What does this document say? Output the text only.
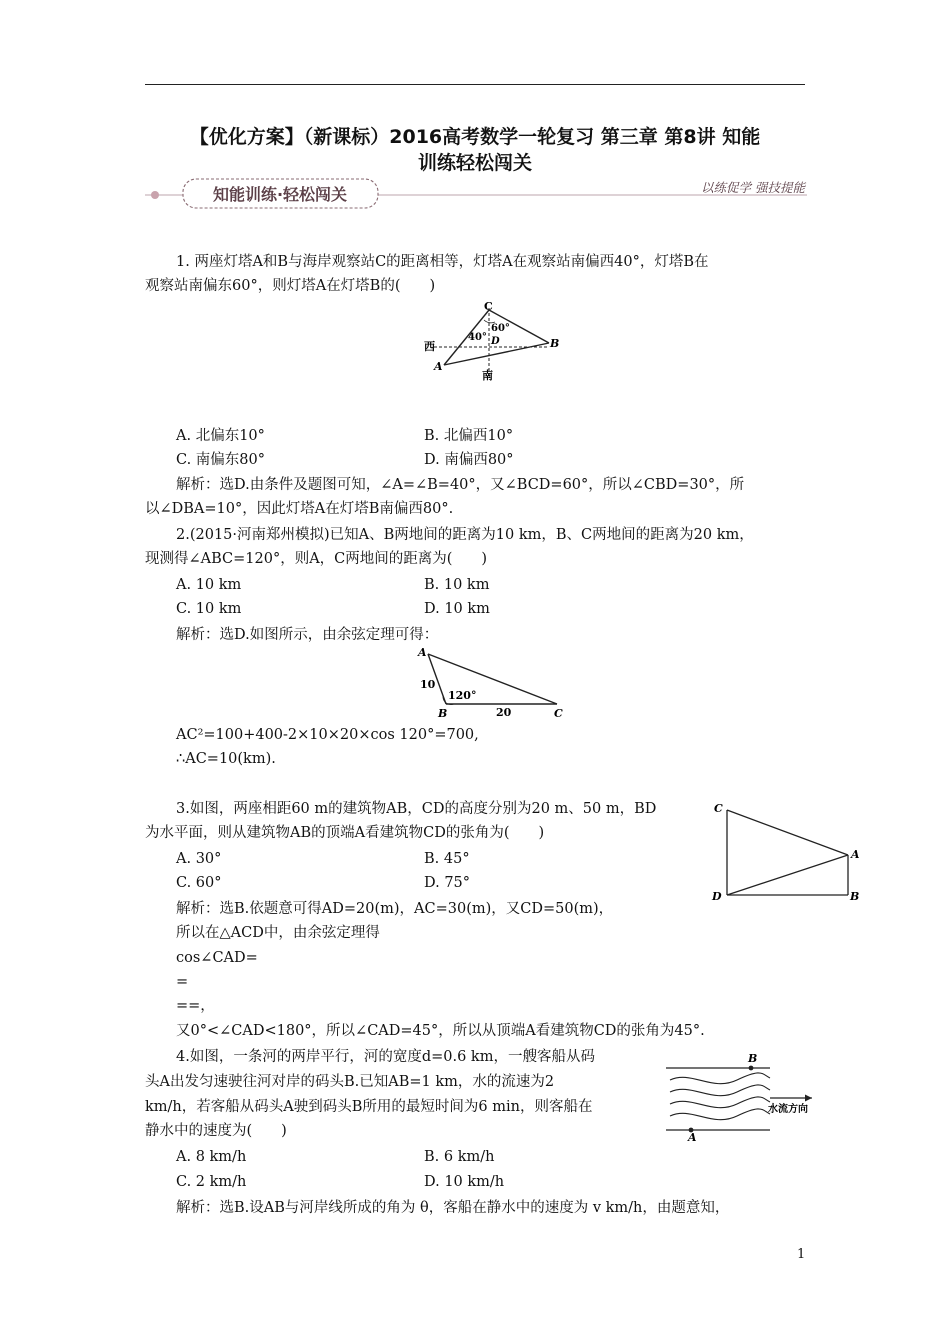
【优化方案】（新课标）2016高考数学一轮复习 第三章 第8讲 知能
训练轻松闯关
知能训练·轻松闯关	以练促学 强技提能
1. 两座灯塔A和B与海岸观察站C的距离相等，灯塔A在观察站南偏西40°，灯塔B在
观察站南偏东60°，则灯塔A在灯塔B的(　　)
C
60°
40° D
西	B
A
南
A. 北偏东10°	B. 北偏西10°
C. 南偏东80°	D. 南偏西80°
解析：选D.由条件及题图可知，∠A=∠B=40°，又∠BCD=60°，所以∠CBD=30°，所
以∠DBA=10°，因此灯塔A在灯塔B南偏西80°.
2.(2015·河南郑州模拟)已知A、B两地间的距离为10 km，B、C两地间的距离为20 km，
现测得∠ABC=120°，则A，C两地间的距离为(　　)
A. 10 km	B. 10 km
C. 10 km	D. 10 km
解析：选D.如图所示，由余弦定理可得：
A
10
120°
B	20	C
AC²=100+400-2×10×20×cos 120°=700,
∴AC=10(km).
3.如图，两座相距60 m的建筑物AB，CD的高度分别为20 m、50 m，BD
为水平面，则从建筑物AB的顶端A看建筑物CD的张角为(　　)
A. 30°	B. 45°
C. 60°	D. 75°
解析：选B.依题意可得AD=20(m)，AC=30(m)，又CD=50(m)，
所以在△ACD中，由余弦定理得
cos∠CAD=
=
==，
又0°<∠CAD<180°，所以∠CAD=45°，所以从顶端A看建筑物CD的张角为45°.
C
A
D	B
4.如图，一条河的两岸平行，河的宽度d=0.6 km，一艘客船从码
头A出发匀速驶往河对岸的码头B.已知AB=1 km，水的流速为2
km/h，若客船从码头A驶到码头B所用的最短时间为6 min，则客船在
静水中的速度为(　　)
A. 8 km/h	B. 6 km/h
C. 2 km/h	D. 10 km/h
解析：选B.设AB与河岸线所成的角为 θ，客船在静水中的速度为 v km/h，由题意知，
B
A
水流方向
1
